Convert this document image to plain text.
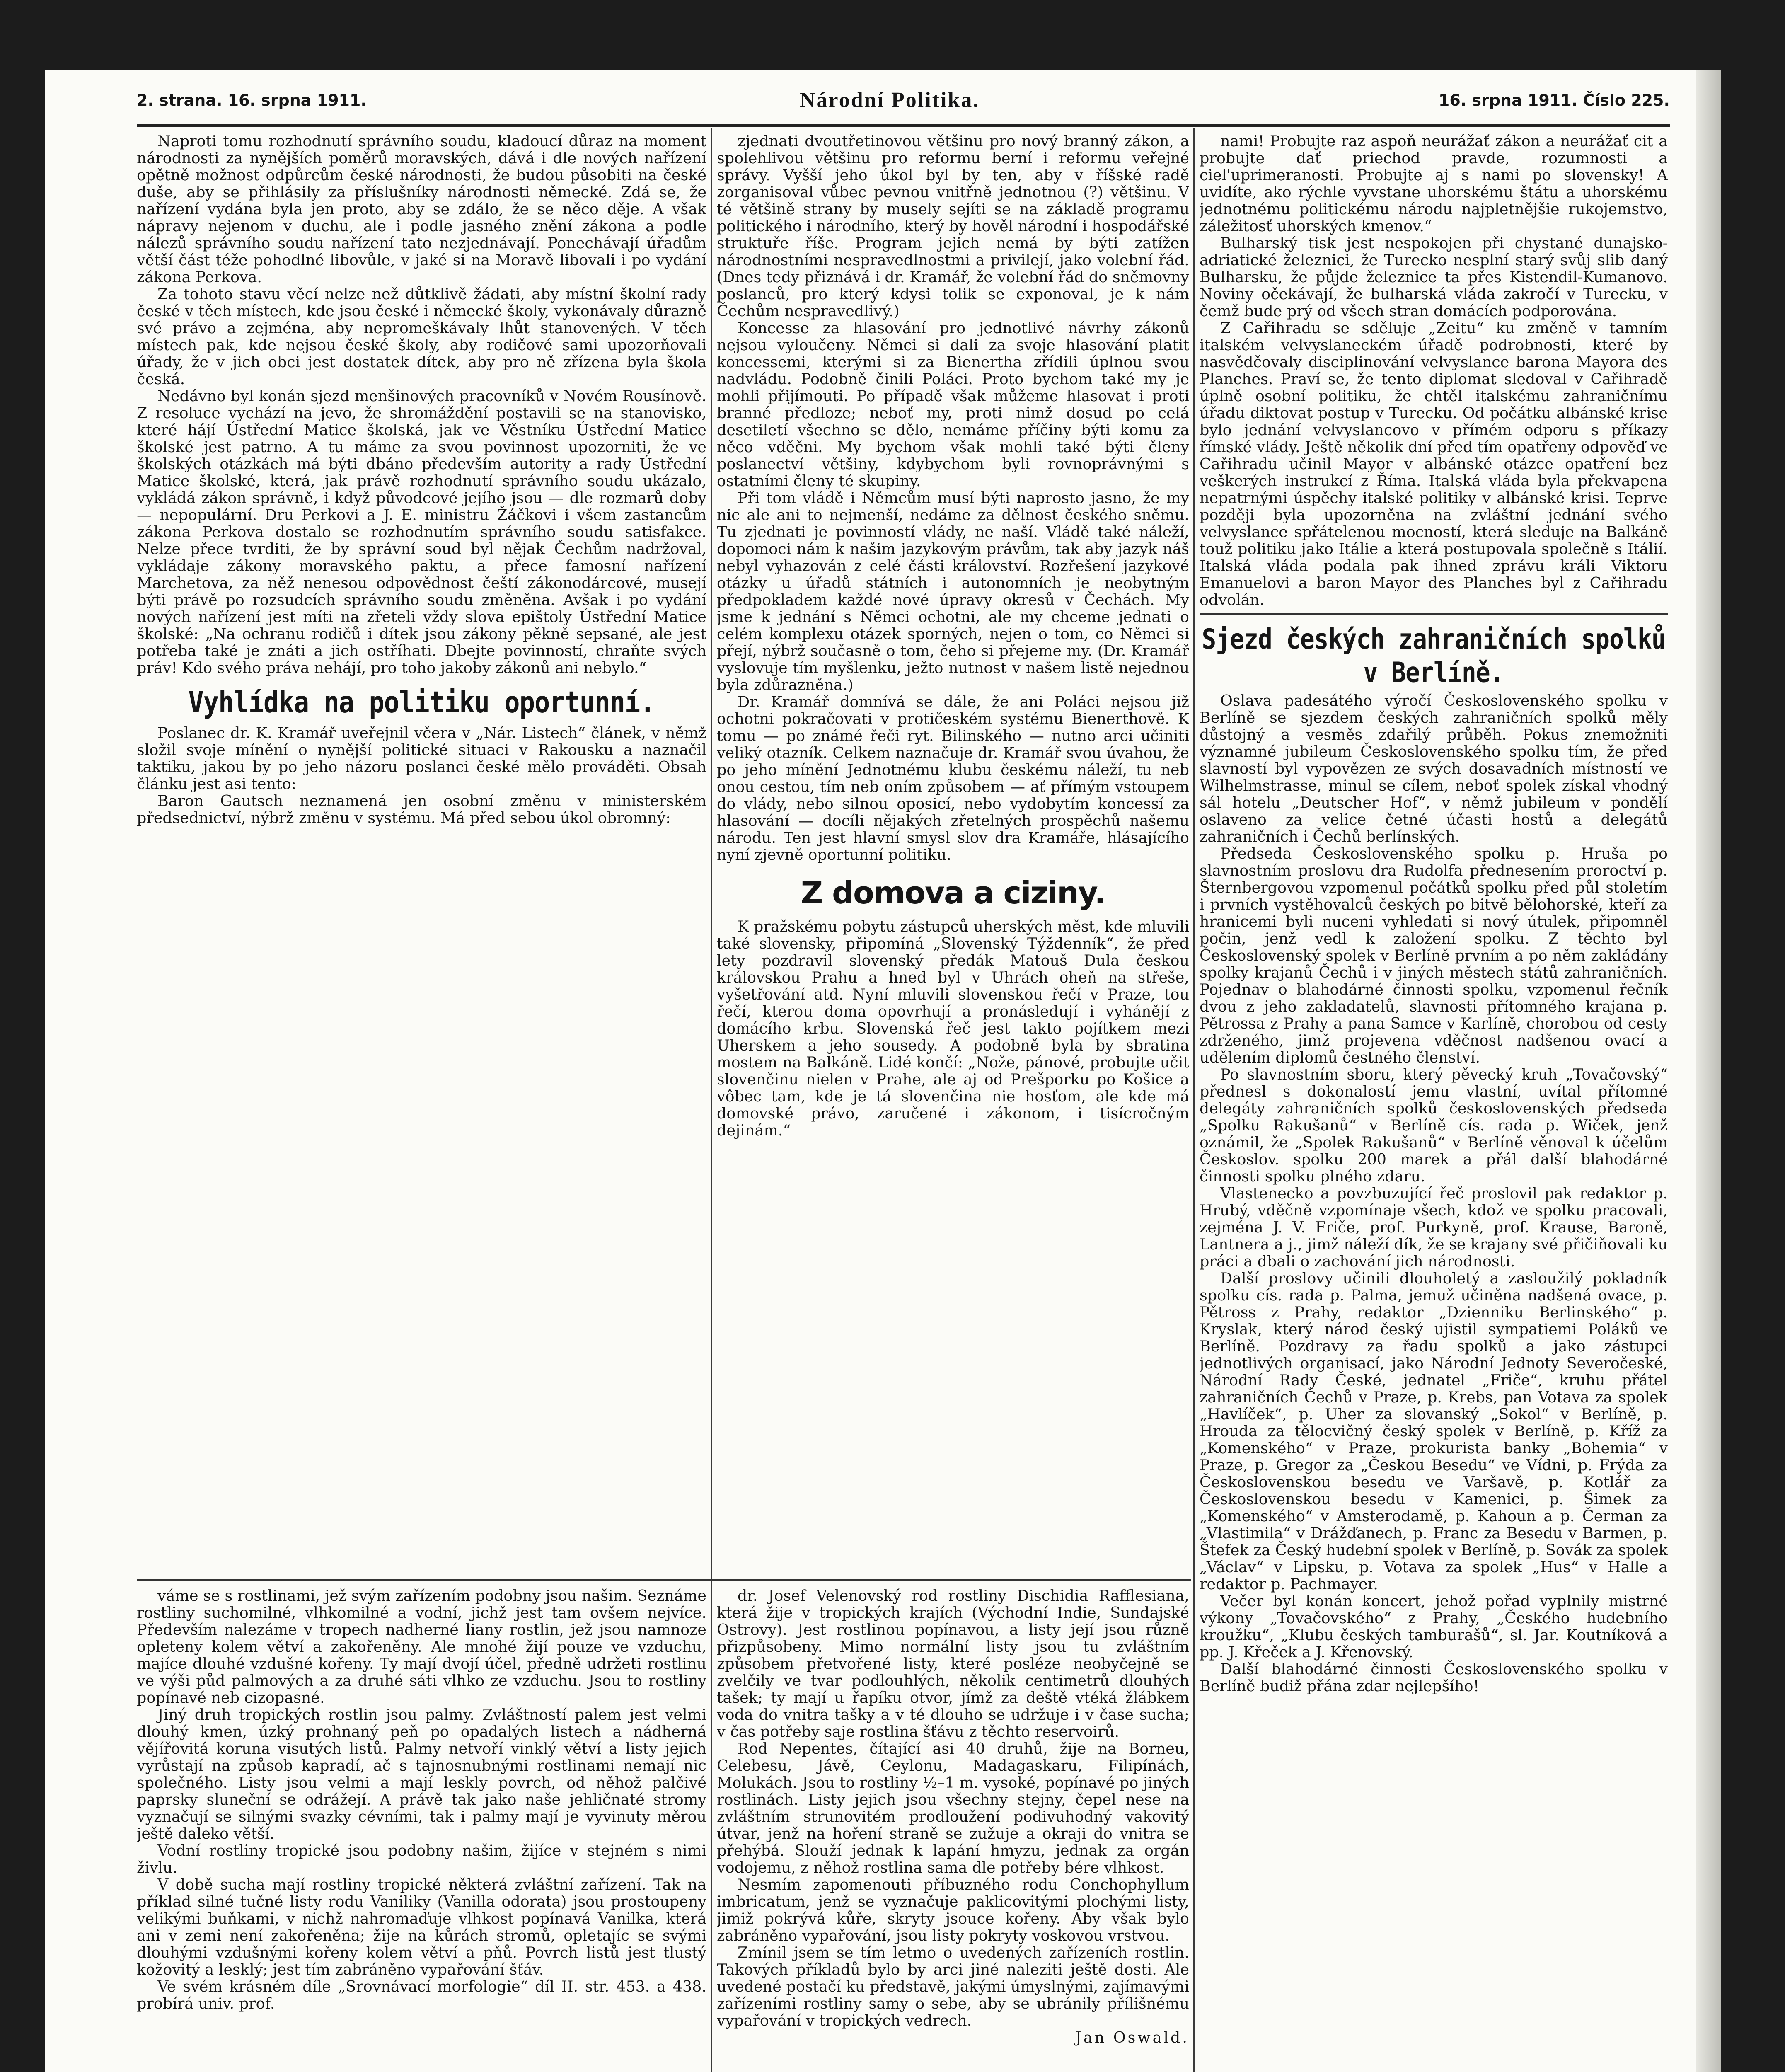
2. strana. 16. srpna 1911.	Národní Politika.	16. srpna 1911. Číslo 225.

Naproti tomu rozhodnutí správního soudu, kladoucí důraz na moment národnosti za nynějších poměrů moravských, dává i dle nových nařízení opětně možnost odpůrcům české národnosti, že budou působiti na české duše, aby se přihlásily za příslušníky národnosti německé. Zdá se, že nařízení vydána byla jen proto, aby se zdálo, že se něco děje. A však nápravy nejenom v duchu, ale i podle jasného znění zákona a podle nálezů správního soudu nařízení tato nezjednávají. Ponechávají úřadům větší část téže pohodlné libovůle, v jaké si na Moravě libovali i po vydání zákona Perkova.

Za tohoto stavu věcí nelze než důtklivě žádati, aby místní školní rady české v těch místech, kde jsou české i německé školy, vykonávaly důrazně své právo a zejména, aby nepromeškávaly lhůt stanovených. V těch místech pak, kde nejsou české školy, aby rodičové sami upozorňovali úřady, že v jich obci jest dostatek dítek, aby pro ně zřízena byla škola česká.

Nedávno byl konán sjezd menšinových pracovníků v Novém Rousínově. Z resoluce vychází na jevo, že shromáždění postavili se na stanovisko, které hájí Ústřední Matice školská, jak ve Věstníku Ústřední Matice školské jest patrno. A tu máme za svou povinnost upozorniti, že ve školských otázkách má býti dbáno především autority a rady Ústřední Matice školské, která, jak právě rozhodnutí správního soudu ukázalo, vykládá zákon správně, i když původcové jejího jsou — dle rozmarů doby — nepopulární. Dru Perkovi a J. E. ministru Žáčkovi i všem zastancům zákona Perkova dostalo se rozhodnutím správního soudu satisfakce. Nelze přece tvrditi, že by správní soud byl nějak Čechům nadržoval, vykládaje zákony moravského paktu, a přece famosní nařízení Marchetova, za něž nenesou odpovědnost čeští zákonodárcové, musejí býti právě po rozsudcích správního soudu změněna. Avšak i po vydání nových nařízení jest míti na zřeteli vždy slova epištoly Ústřední Matice školské: „Na ochranu rodičů i dítek jsou zákony pěkně sepsané, ale jest potřeba také je znáti a jich ostříhati. Dbejte povinností, chraňte svých práv! Kdo svého práva nehájí, pro toho jakoby zákonů ani nebylo.“

Vyhlídka na politiku oportunní.

Poslanec dr. K. Kramář uveřejnil včera v „Nár. Listech“ článek, v němž složil svoje mínění o nynější politické situaci v Rakousku a naznačil taktiku, jakou by po jeho názoru poslanci české mělo prováděti. Obsah článku jest asi tento:

Baron Gautsch neznamená jen osobní změnu v ministerském předsednictví, nýbrž změnu v systému. Má před sebou úkol obromný:

zjednati dvoutřetinovou většinu pro nový branný zákon, a spolehlivou většinu pro reformu berní i reformu veřejné správy. Vyšší jeho úkol byl by ten, aby v říšské radě zorganisoval vůbec pevnou vnitřně jednotnou (?) většinu. V té většině strany by musely sejíti se na základě programu politického i národního, který by hověl národní i hospodářské struktuře říše. Program jejich nemá by býti zatížen národnostními nespravedlnostmi a privilejí, jako volební řád. (Dnes tedy přiznává i dr. Kramář, že volební řád do sněmovny poslanců, pro který kdysi tolik se exponoval, je k nám Čechům nespravedlivý.)

Koncesse za hlasování pro jednotlivé návrhy zákonů nejsou vyloučeny. Němci si dali za svoje hlasování platit koncessemi, kterými si za Bienertha zřídili úplnou svou nadvládu. Podobně činili Poláci. Proto bychom také my je mohli přijímouti. Po případě však můžeme hlasovat i proti branné předloze; neboť my, proti nimž dosud po celá desetiletí všechno se dělo, nemáme příčiny býti komu za něco vděčni. My bychom však mohli také býti členy poslanectví většiny, kdybychom byli rovnoprávnými s ostatními členy té skupiny.

Při tom vládě i Němcům musí býti naprosto jasno, že my nic ale ani to nejmenší, nedáme za dělnost českého sněmu. Tu zjednati je povinností vlády, ne naší. Vládě také náleží, dopomoci nám k našim jazykovým právům, tak aby jazyk náš nebyl vyhazován z celé části království. Rozřešení jazykové otázky u úřadů státních i autonomních je neobytným předpokladem každé nové úpravy okresů v Čechách. My jsme k jednání s Němci ochotni, ale my chceme jednati o celém komplexu otázek sporných, nejen o tom, co Němci si přejí, nýbrž současně o tom, čeho si přejeme my. (Dr. Kramář vyslovuje tím myšlenku, ježto nutnost v našem listě nejednou byla zdůrazněna.)

Dr. Kramář domnívá se dále, že ani Poláci nejsou již ochotni pokračovati v protičeském systému Bienerthově. K tomu — po známé řeči ryt. Bilinského — nutno arci učiniti veliký otazník. Celkem naznačuje dr. Kramář svou úvahou, že po jeho mínění Jednotnému klubu českému náleží, tu neb onou cestou, tím neb oním způsobem — ať přímým vstoupem do vlády, nebo silnou oposicí, nebo vydobytím koncessí za hlasování — docíli nějakých zřetelných prospěchů našemu národu. Ten jest hlavní smysl slov dra Kramáře, hlásajícího nyní zjevně oportunní politiku.

Z domova a ciziny.

K pražskému pobytu zástupců uherských měst, kde mluvili také slovensky, připomíná „Slovenský Týždenník“, že před lety pozdravil slovenský předák Matouš Dula českou královskou Prahu a hned byl v Uhrách oheň na střeše, vyšetřování atd. Nyní mluvili slovenskou řečí v Praze, tou řečí, kterou doma opovrhují a pronásledují i vyhánějí z domácího krbu. Slovenská řeč jest takto pojítkem mezi Uherskem a jeho sousedy. A podobně byla by sbratina mostem na Balkáně. Lidé končí: „Nože, pánové, probujte učit slovenčinu nielen v Prahe, ale aj od Prešporku po Košice a vôbec tam, kde je tá slovenčina nie hosťom, ale kde má domovské právo, zaručené i zákonom, i tisícročným dejinám.“

váme se s rostlinami, jež svým zařízením podobny jsou našim. Seznáme rostliny suchomilné, vlhkomilné a vodní, jichž jest tam ovšem nejvíce. Především nalezáme v tropech nadherné liany rostlin, jež jsou namnoze opleteny kolem větví a zakořeněny. Ale mnohé žijí pouze ve vzduchu, majíce dlouhé vzdušné kořeny. Ty mají dvojí účel, předně udržeti rostlinu ve výši půd palmových a za druhé sáti vlhko ze vzduchu. Jsou to rostliny popínavé neb cizopasné.

Jiný druh tropických rostlin jsou palmy. Zvláštností palem jest velmi dlouhý kmen, úzký prohnaný peň po opadalých listech a nádherná vějířovitá koruna visutých listů. Palmy netvoří vinklý větví a listy jejich vyrůstají na způsob kapradí, ač s tajnosnubnými rostlinami nemají nic společného. Listy jsou velmi a mají leskly povrch, od něhož palčivé paprsky sluneční se odrážejí. A právě tak jako naše jehličnaté stromy vyznačují se silnými svazky cévními, tak i palmy mají je vyvinuty měrou ještě daleko větší.

Vodní rostliny tropické jsou podobny našim, žijíce v stejném s nimi živlu.

V době sucha mají rostliny tropické některá zvláštní zařízení. Tak na příklad silné tučné listy rodu Vaniliky (Vanilla odorata) jsou prostoupeny velikými buňkami, v nichž nahromaďuje vlhkost popínavá Vanilka, která ani v zemi není zakořeněna; žije na kůrách stromů, opletajíc se svými dlouhými vzdušnými kořeny kolem větví a pňů. Povrch listů jest tlustý kožovitý a lesklý; jest tím zabráněno vypařování šťáv.

Ve svém krásném díle „Srovnávací morfologie“ díl II. str. 453. a 438. probírá univ. prof.

dr. Josef Velenovský rod rostliny Dischidia Rafflesiana, která žije v tropických krajích (Východní Indie, Sundajské Ostrovy). Jest rostlinou popínavou, a listy její jsou různě přizpůsobeny. Mimo normální listy jsou tu zvláštním způsobem přetvořené listy, které posléze neobyčejně se zvelčily ve tvar podlouhlých, několik centimetrů dlouhých tašek; ty mají u řapíku otvor, jímž za deště vtéká žlábkem voda do vnitra tašky a v té dlouho se udržuje i v čase sucha; v čas potřeby saje rostlina šťávu z těchto reservoirů.

Rod Nepentes, čítající asi 40 druhů, žije na Borneu, Celebesu, Jávě, Ceylonu, Madagaskaru, Filipínách, Molukách. Jsou to rostliny ½–1 m. vysoké, popínavé po jiných rostlinách. Listy jejich jsou všechny stejny, čepel nese na zvláštním strunovitém prodloužení podivuhodný vakovitý útvar, jenž na hoření straně se zužuje a okraji do vnitra se přehýbá. Slouží jednak k lapání hmyzu, jednak za orgán vodojemu, z něhož rostlina sama dle potřeby bére vlhkost.

Nesmím zapomenouti příbuzného rodu Conchophyllum imbricatum, jenž se vyznačuje paklicovitými plochými listy, jimiž pokrývá kůře, skryty jsouce kořeny. Aby však bylo zabráněno vypařování, jsou listy pokryty voskovou vrstvou.

Zmínil jsem se tím letmo o uvedených zařízeních rostlin. Takových příkladů bylo by arci jiné naleziti ještě dosti. Ale uvedené postačí ku představě, jakými úmyslnými, zajímavými zařízeními rostliny samy o sebe, aby se ubránily přílišnému vypařování v tropických vedrech.

Jan Oswald.

nami! Probujte raz aspoň neurážať zákon a neurážať cit a probujte dať priechod pravde, rozumnosti a ciel'uprimeranosti. Probujte aj s nami po slovensky! A uvidíte, ako rýchle vyvstane uhorskému štátu a uhorskému jednotnému politickému národu najpletnějšie rukojemstvo, záležitosť uhorských kmenov.“

Bulharský tisk jest nespokojen při chystané dunajsko-adriatické železnici, že Turecko nesplní starý svůj slib daný Bulharsku, že půjde železnice ta přes Kistendil-Kumanovo. Noviny očekávají, že bulharská vláda zakročí v Turecku, v čemž bude prý od všech stran domácích podporována.

Z Cařihradu se sděluje „Zeitu“ ku změně v tamním italském velvyslaneckém úřadě podrobnosti, které by nasvědčovaly disciplinování velvyslance barona Mayora des Planches. Praví se, že tento diplomat sledoval v Cařihradě úplně osobní politiku, že chtěl italskému zahraničnímu úřadu diktovat postup v Turecku. Od počátku albánské krise bylo jednání velvyslancovo v přímém odporu s příkazy římské vlády. Ještě několik dní před tím opatřeny odpověď ve Cařihradu učinil Mayor v albánské otázce opatření bez veškerých instrukcí z Říma. Italská vláda byla překvapena nepatrnými úspěchy italské politiky v albánské krisi. Teprve později byla upozorněna na zvláštní jednání svého velvyslance spřátelenou mocností, která sleduje na Balkáně touž politiku jako Itálie a která postupovala společně s Itálií. Italská vláda podala pak ihned zprávu králi Viktoru Emanuelovi a baron Mayor des Planches byl z Cařihradu odvolán.

Sjezd českých zahraničních spolků v Berlíně.

Oslava padesátého výročí Československého spolku v Berlíně se sjezdem českých zahraničních spolků měly důstojný a vesměs zdařilý průběh. Pokus znemožniti významné jubileum Československého spolku tím, že před slavností byl vypovězen ze svých dosavadních místností ve Wilhelmstrasse, minul se cílem, neboť spolek získal vhodný sál hotelu „Deutscher Hof“, v němž jubileum v pondělí oslaveno za velice četné účasti hostů a delegátů zahraničních i Čechů berlínských.

Předseda Československého spolku p. Hruša po slavnostním proslovu dra Rudolfa přednesením proroctví p. Šternbergovou vzpomenul počátků spolku před půl stoletím i prvních vystěhovalců českých po bitvě bělohorské, kteří za hranicemi byli nuceni vyhledati si nový útulek, připomněl počin, jenž vedl k založení spolku. Z těchto byl Československý spolek v Berlíně prvním a po něm zakládány spolky krajanů Čechů i v jiných městech států zahraničních. Pojednav o blahodárné činnosti spolku, vzpomenul řečník dvou z jeho zakladatelů, slavnosti přítomného krajana p. Pětrossa z Prahy a pana Samce v Karlíně, chorobou od cesty zdrženého, jimž projevena vděčnost nadšenou ovací a udělením diplomů čestného členství.

Po slavnostním sboru, který pěvecký kruh „Tovačovský“ přednesl s dokonalostí jemu vlastní, uvítal přítomné delegáty zahraničních spolků československých předseda „Spolku Rakušanů“ v Berlíně cís. rada p. Wiček, jenž oznámil, že „Spolek Rakušanů“ v Berlíně věnoval k účelům Českoslov. spolku 200 marek a přál další blahodárné činnosti spolku plného zdaru.

Vlastenecko a povzbuzující řeč proslovil pak redaktor p. Hrubý, vděčně vzpomínaje všech, kdož ve spolku pracovali, zejména J. V. Friče, prof. Purkyně, prof. Krause, Baroně, Lantnera a j., jimž náleží dík, že se krajany své přičiňovali ku práci a dbali o zachování jich národnosti.

Další proslovy učinili dlouholetý a zasloužilý pokladník spolku cís. rada p. Palma, jemuž učiněna nadšená ovace, p. Pětross z Prahy, redaktor „Dzienniku Berlinského“ p. Kryslak, který národ český ujistil sympatiemi Poláků ve Berlíně. Pozdravy za řadu spolků a jako zástupci jednotlivých organisací, jako Národní Jednoty Severočeské, Národní Rady České, jednatel „Friče“, kruhu přátel zahraničních Čechů v Praze, p. Krebs, pan Votava za spolek „Havlíček“, p. Uher za slovanský „Sokol“ v Berlíně, p. Hrouda za tělocvičný český spolek v Berlíně, p. Kříž za „Komenského“ v Praze, prokurista banky „Bohemia“ v Praze, p. Gregor za „Českou Besedu“ ve Vídni, p. Frýda za Československou besedu ve Varšavě, p. Kotlář za Československou besedu v Kamenici, p. Šimek za „Komenského“ v Amsterodamě, p. Kahoun a p. Čerman za „Vlastimila“ v Drážďanech, p. Franc za Besedu v Barmen, p. Štefek za Český hudební spolek v Berlíně, p. Sovák za spolek „Václav“ v Lipsku, p. Votava za spolek „Hus“ v Halle a redaktor p. Pachmayer.

Večer byl konán koncert, jehož pořad vyplnily mistrné výkony „Tovačovského“ z Prahy, „Českého hudebního kroužku“, „Klubu českých tamburašů“, sl. Jar. Koutníková a pp. J. Křeček a J. Křenovský.

Další blahodárné činnosti Československého spolku v Berlíně budiž přána zdar nejlepšího!
